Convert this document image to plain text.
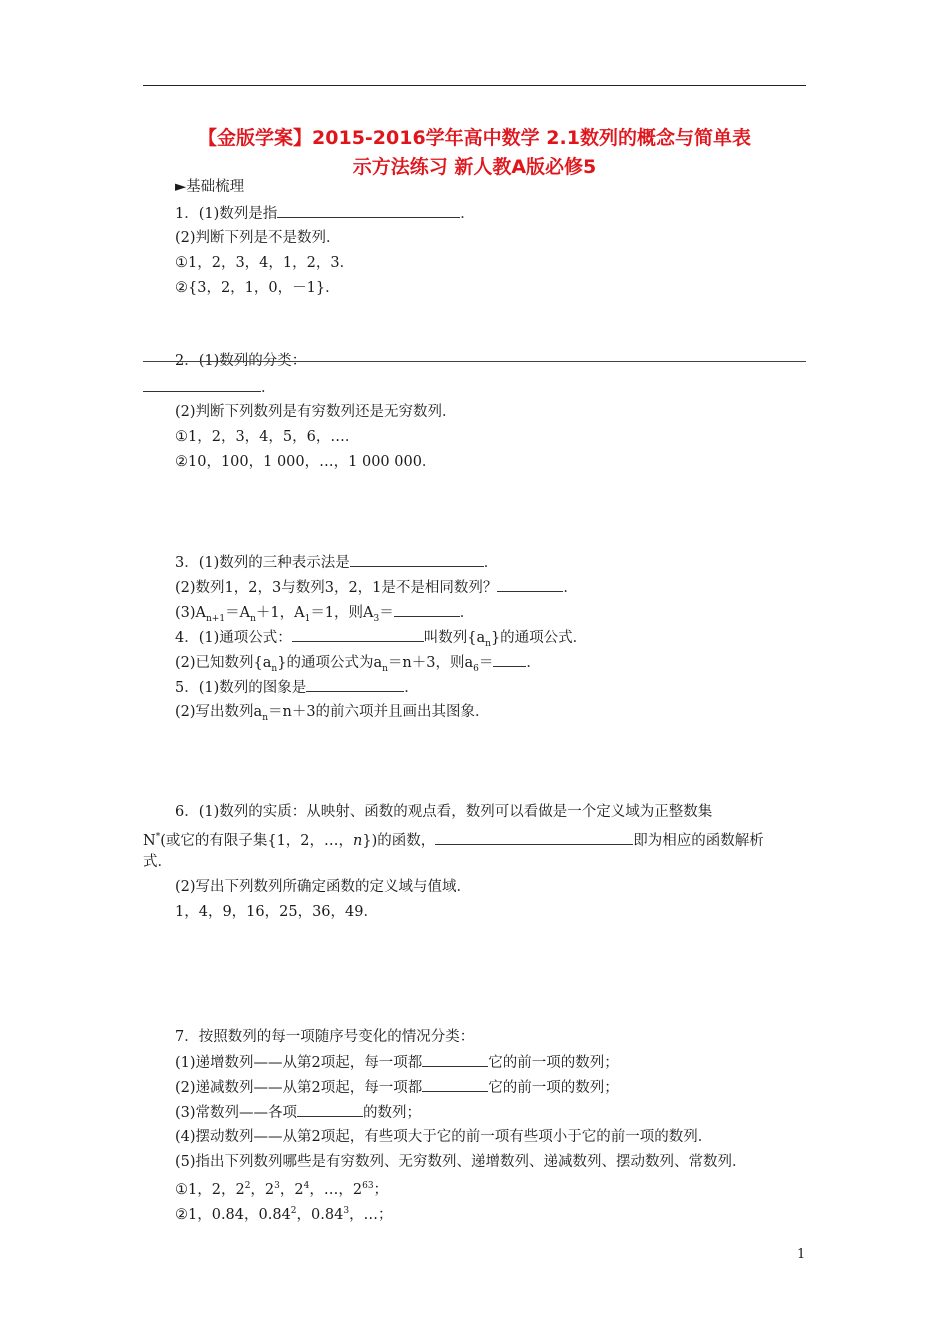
【金版学案】2015-2016学年高中数学 2.1数列的概念与简单表
示方法练习 新人教A版必修5
►基础梳理
1．(1)数列是指	．
(2)判断下列是不是数列．
①1，2，3，4，1，2，3．
②{3，2，1，0，－1}．
2．(1)数列的分类：
．
(2)判断下列数列是有穷数列还是无穷数列．
①1，2，3，4，5，6，…．
②10，100，1 000，…，1 000 000．
3．(1)数列的三种表示法是	．
(2)数列1，2，3与数列3，2，1是不是相同数列？	．
$(3)A_{n+1}=A_n+1$，$A_1=1$，则$A_3=$	．
4．(1)通项公式：	叫数列$\{a_n\}$的通项公式．
(2)已知数列$\{a_n\}$的通项公式为$a_n=n+3$，则$a_6=$ ．
5．(1)数列的图象是	．
(2)写出数列$a_n=n+3$的前六项并且画出其图象．
6．(1)数列的实质：从映射、函数的观点看，数列可以看做是一个定义域为正整数集
N*(或它的有限子集{1，2，…，n})的函数，	即为相应的函数解析
式．
(2)写出下列数列所确定函数的定义域与值域．
1，4，9，16，25，36，49．
7．按照数列的每一项随序号变化的情况分类：
(1)递增数列——从第2项起，每一项都	它的前一项的数列；
(2)递减数列——从第2项起，每一项都	它的前一项的数列；
(3)常数列——各项	的数列；
(4)摆动数列——从第2项起，有些项大于它的前一项有些项小于它的前一项的数列．
(5)指出下列数列哪些是有穷数列、无穷数列、递增数列、递减数列、摆动数列、常数列．
①1，2，$2^2$，$2^3$，$2^4$，…，$2^{63}$；
②1，0.84，0.84$^2$，0.84$^3$，…；
1
